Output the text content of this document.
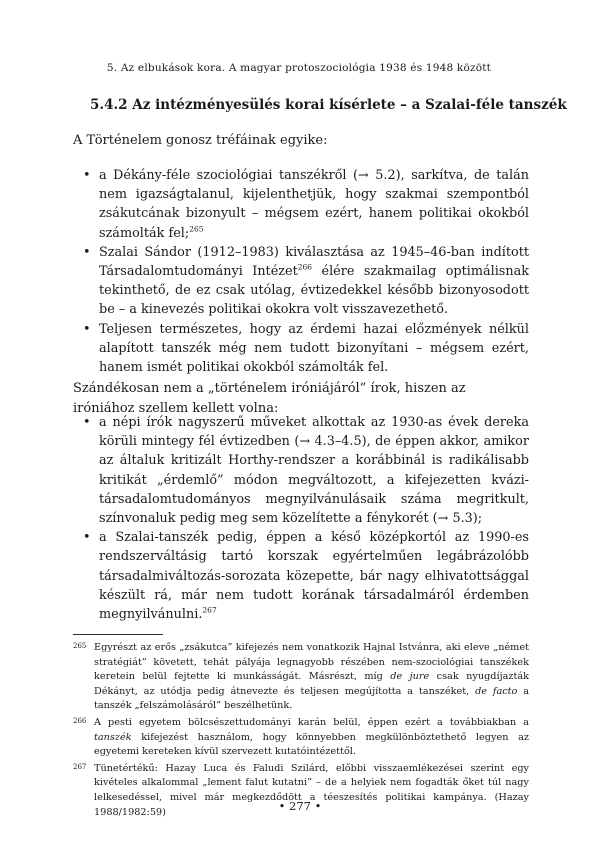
5. Az elbukások kora. A magyar protoszociológia 1938 és 1948 között
5.4.2 Az intézményesülés korai kísérlete – a Szalai-féle tanszék

A Történelem gonosz tréfáinak egyike:

• a Dékány-féle szociológiai tanszékről (→ 5.2), sarkítva, de talán nem igazságtalanul, kijelenthetjük, hogy szakmai szempontból zsákutcának bizonyult – mégsem ezért, hanem politikai okokból számolták fel;$^{265}$
• Szalai Sándor (1912–1983) kiválasztása az 1945–46-ban indított Társadalomtudományi Intézet$^{266}$ élére szakmailag optimálisnak tekinthető, de ez csak utólag, évtizedekkel később bizonyosodott be – a kinevezés politikai okokra volt visszavezethető.
• Teljesen természetes, hogy az érdemi hazai előzmények nélkül alapított tanszék még nem tudott bizonyítani – mégsem ezért, hanem ismét politikai okokból számolták fel.

Szándékosan nem a „történelem iróniájáról” írok, hiszen az iróniához szellem kellett volna:

• a népi írók nagyszerű műveket alkottak az 1930-as évek dereka körüli mintegy fél évtizedben (→ 4.3–4.5), de éppen akkor, amikor az általuk kritizált Horthy-rendszer a korábbinál is radikálisabb kritikát „érdemlő” módon megváltozott, a kifejezetten kvázi-társadalomtudományos megnyilvánulásaik száma megritkult, színvonaluk pedig meg sem közelítette a fénykorét (→ 5.3);
• a Szalai-tanszék pedig, éppen a késő középkortól az 1990-es rendszerváltásig tartó korszak egyértelműen legábrázolóbb társadalmiváltozás-sorozata közepette, bár nagy elhivatottsággal készült rá, már nem tudott korának társadalmáról érdemben megnyilvánulni.$^{267}$
265 Egyrészt az erős „zsákutca” kifejezés nem vonatkozik Hajnal Istvánra, aki eleve „német stratégiát” követett, tehát pályája legnagyobb részében nem-szociológiai tanszékek keretein belül fejtette ki munkásságát. Másrészt, míg de jure csak nyugdíjazták Dékányt, az utódja pedig átnevezte és teljesen megújította a tanszéket, de facto a tanszék „felszámolásáról” beszélhetünk.
266 A pesti egyetem bölcsészettudományi karán belül, éppen ezért a továbbiakban a tanszék kifejezést használom, hogy könnyebben megkülönböztethető legyen az egyetemi kereteken kívül szervezett kutatóintézettől.
267 Tünetértékű: Hazay Luca és Faludi Szilárd, előbbi visszaemlékezései szerint egy kivételes alkalommal „lement falut kutatni” – de a helyiek nem fogadták őket túl nagy lelkesedéssel, mivel már megkezdődött a téeszesítés politikai kampánya. (Hazay 1988/1982:59)	• 277 •
